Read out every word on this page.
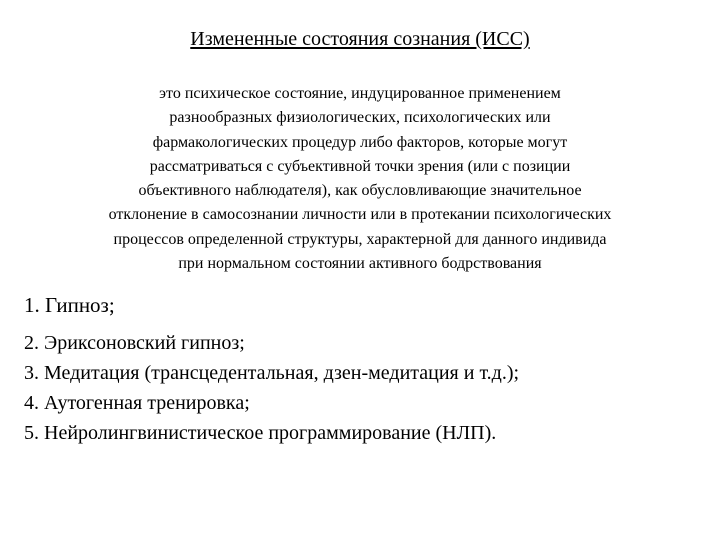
Измененные состояния сознания (ИСС)
это психическое состояние, индуцированное применением
разнообразных физиологических, психологических или
фармакологических процедур либо факторов, которые могут
рассматриваться с субъективной точки зрения (или с позиции
объективного наблюдателя), как обусловливающие значительное
отклонение в самосознании личности или в протекании психологических
процессов определенной структуры, характерной для данного индивида
при нормальном состоянии активного бодрствования
1. Гипноз;
2. Эриксоновский гипноз;
3. Медитация (трансцедентальная, дзен-медитация и т.д.);
4. Аутогенная тренировка;
5. Нейролингвинистическое программирование (НЛП).
